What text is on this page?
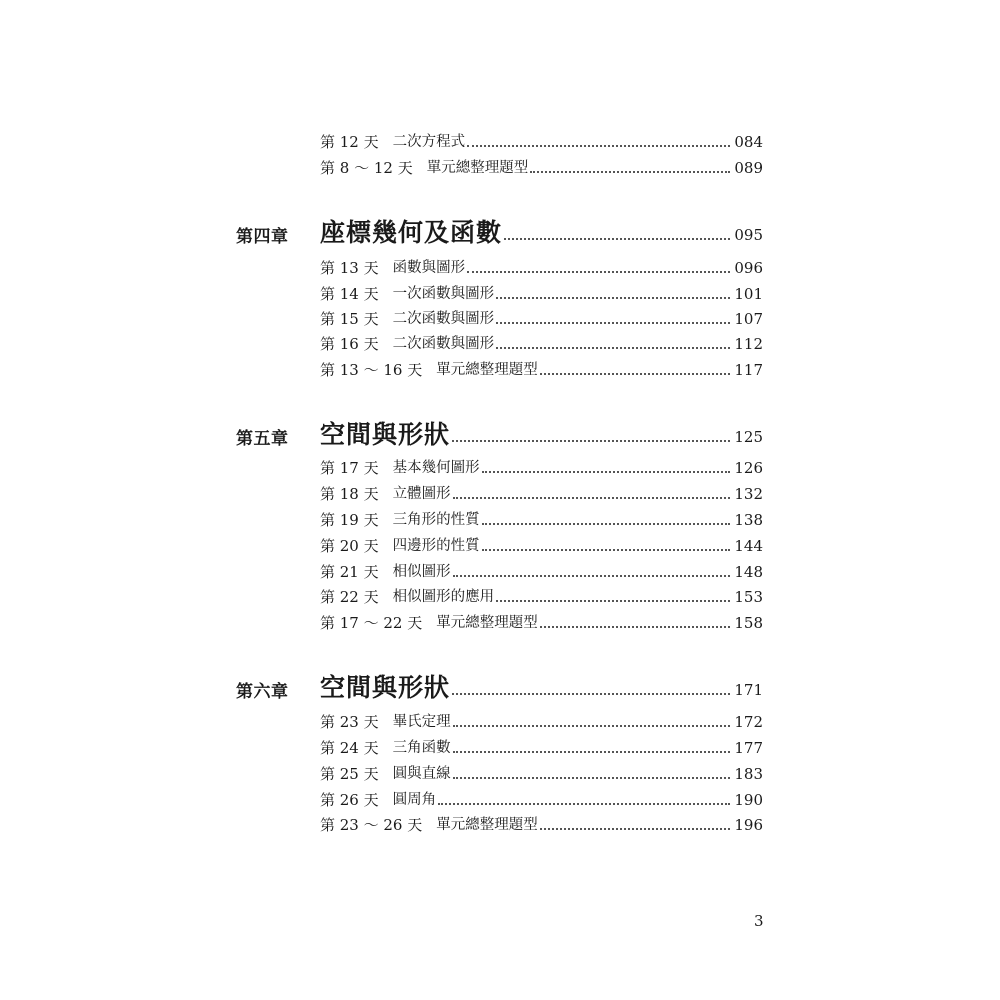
第 12 天 二次方程式	084
第 8 ～ 12 天 單元總整理題型	089
第四章 座標幾何及函數	095
第 13 天 函數與圖形	096
第 14 天 一次函數與圖形	101
第 15 天 二次函數與圖形	107
第 16 天 二次函數與圖形	112
第 13 ～ 16 天 單元總整理題型	117
第五章 空間與形狀	125
第 17 天 基本幾何圖形	126
第 18 天 立體圖形	132
第 19 天 三角形的性質	138
第 20 天 四邊形的性質	144
第 21 天 相似圖形	148
第 22 天 相似圖形的應用	153
第 17 ～ 22 天 單元總整理題型	158
第六章 空間與形狀	171
第 23 天 畢氏定理	172
第 24 天 三角函數	177
第 25 天 圓與直線	183
第 26 天 圓周角	190
第 23 ～ 26 天 單元總整理題型	196
3
